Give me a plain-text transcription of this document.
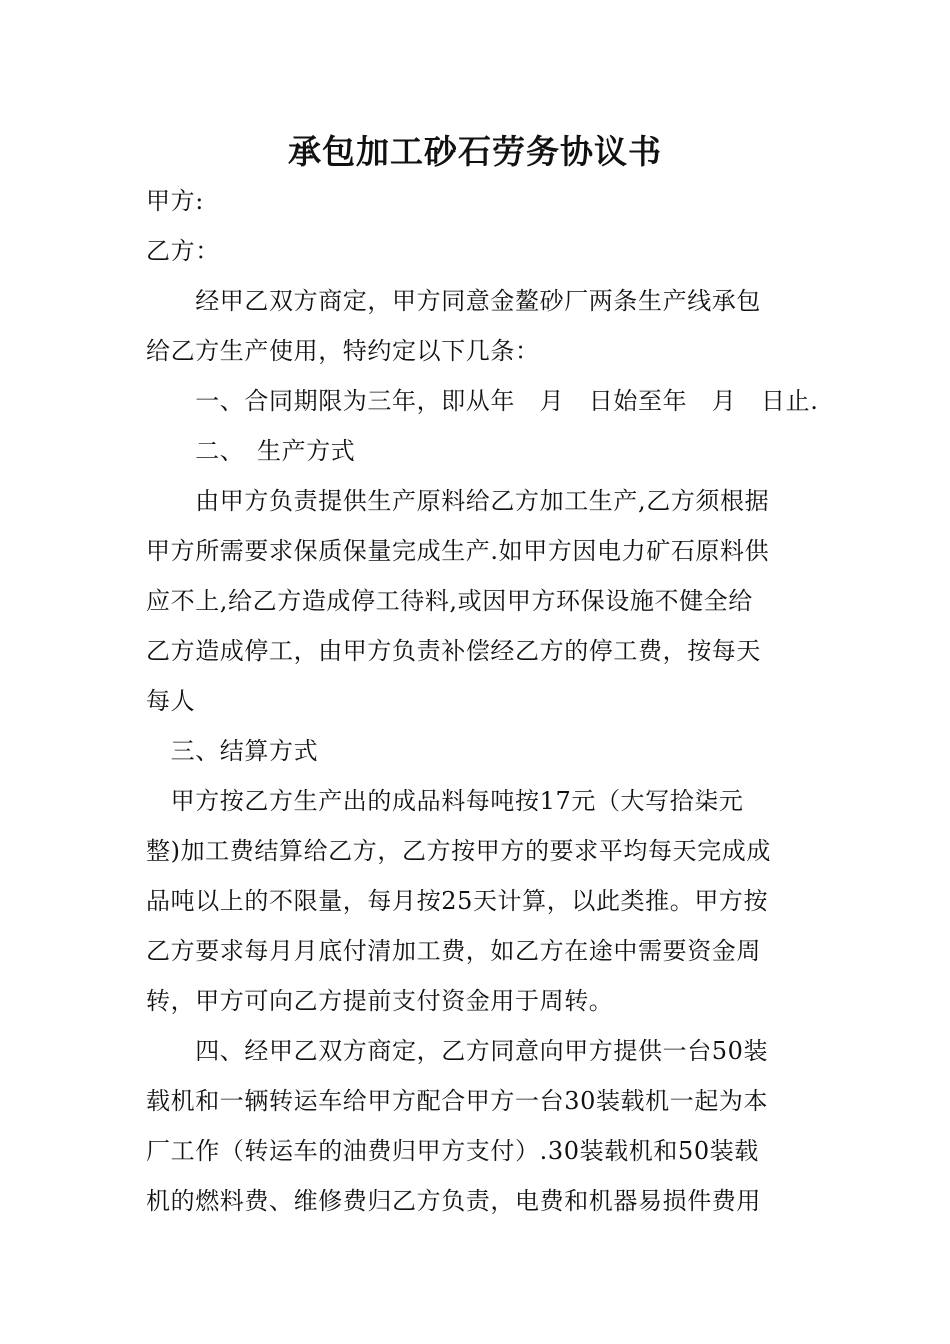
承包加工砂石劳务协议书
甲方:
乙方：
　　经甲乙双方商定，甲方同意金鳌砂厂两条生产线承包
给乙方生产使用，特约定以下几条：
　　一、合同期限为三年，即从年　月　日始至年　月　日止.
　　二、　生产方式
　　由甲方负责提供生产原料给乙方加工生产,乙方须根据
甲方所需要求保质保量完成生产.如甲方因电力矿石原料供
应不上,给乙方造成停工待料,或因甲方环保设施不健全给
乙方造成停工，由甲方负责补偿经乙方的停工费，按每天
每人
　三、结算方式
　甲方按乙方生产出的成品料每吨按17元（大写拾柒元
整)加工费结算给乙方，乙方按甲方的要求平均每天完成成
品吨以上的不限量，每月按25天计算，以此类推。甲方按
乙方要求每月月底付清加工费，如乙方在途中需要资金周
转，甲方可向乙方提前支付资金用于周转。
　　四、经甲乙双方商定，乙方同意向甲方提供一台50装
载机和一辆转运车给甲方配合甲方一台30装载机一起为本
厂工作（转运车的油费归甲方支付）.30装载机和50装载
机的燃料费、维修费归乙方负责，电费和机器易损件费用
